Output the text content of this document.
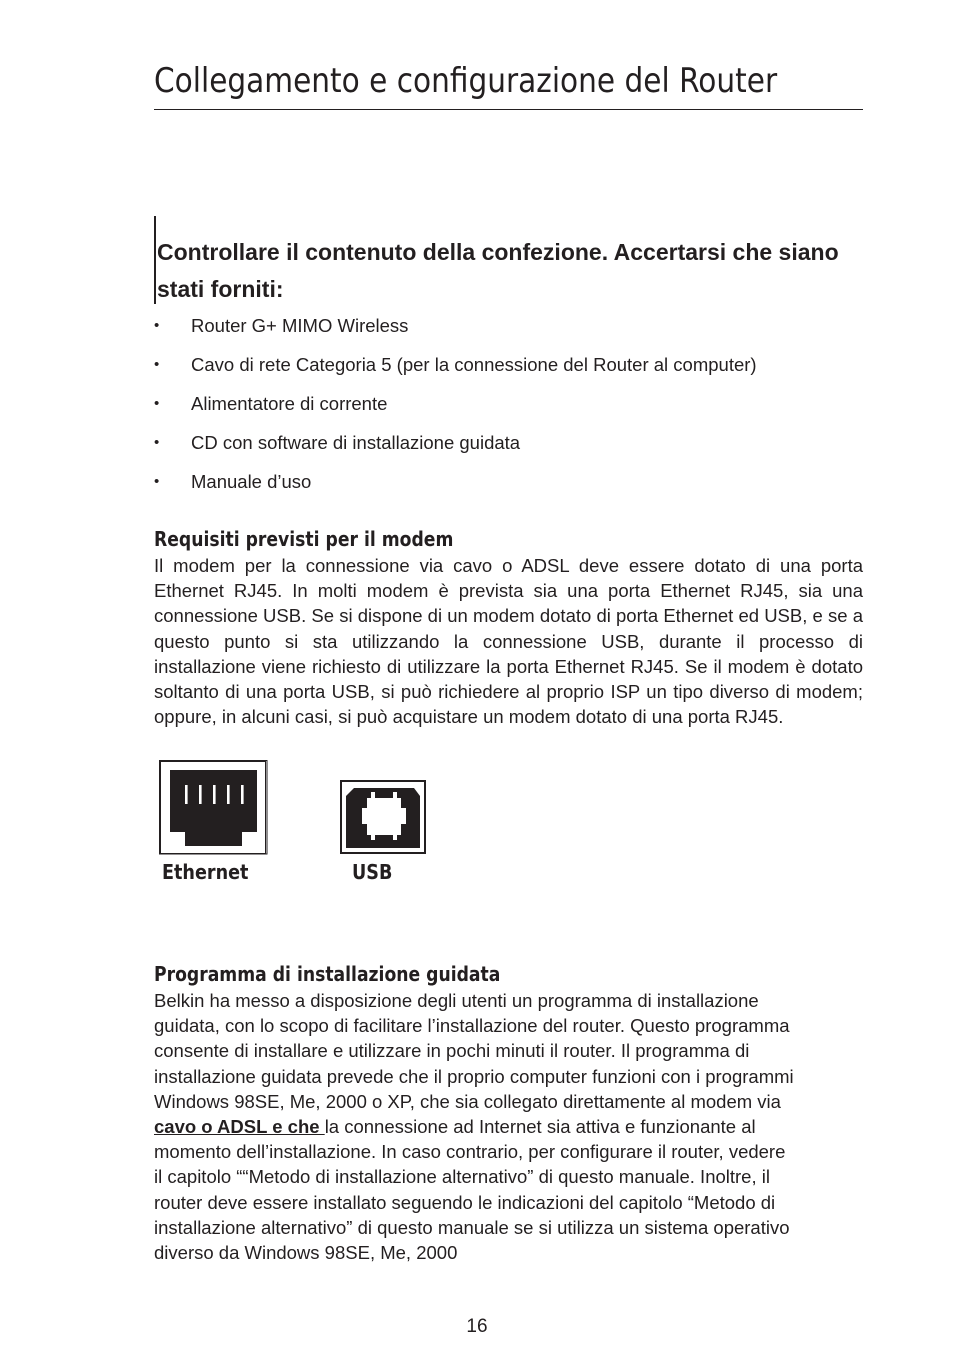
Collegamento e configurazione del Router
Controllare il contenuto della confezione. Accertarsi che siano stati forniti:
• Router G+ MIMO Wireless
• Cavo di rete Categoria 5 (per la connessione del Router al computer)
• Alimentatore di corrente
• CD con software di installazione guidata
• Manuale d’uso
Requisiti previsti per il modem
Il modem per la connessione via cavo o ADSL deve essere dotato di una porta Ethernet RJ45. In molti modem è prevista sia una porta Ethernet RJ45, sia una connessione USB. Se si dispone di un modem dotato di porta Ethernet ed USB, e se a questo punto si sta utilizzando la connessione USB, durante il processo di installazione viene richiesto di utilizzare la porta Ethernet RJ45. Se il modem è dotato soltanto di una porta USB, si può richiedere al proprio ISP un tipo diverso di modem; oppure, in alcuni casi, si può acquistare un modem dotato di una porta RJ45.
Ethernet	USB
Programma di installazione guidata
Belkin ha messo a disposizione degli utenti un programma di installazione
guidata, con lo scopo di facilitare l’installazione del router. Questo programma
consente di installare e utilizzare in pochi minuti il router. Il programma di
installazione guidata prevede che il proprio computer funzioni con i programmi
Windows 98SE, Me, 2000 o XP, che sia collegato direttamente al modem via
cavo o ADSL e che la connessione ad Internet sia attiva e funzionante al
momento dell’installazione. In caso contrario, per configurare il router, vedere
il capitolo ““Metodo di installazione alternativo” di questo manuale. Inoltre, il
router deve essere installato seguendo le indicazioni del capitolo “Metodo di
installazione alternativo” di questo manuale se si utilizza un sistema operativo
diverso da Windows 98SE, Me, 2000
16
